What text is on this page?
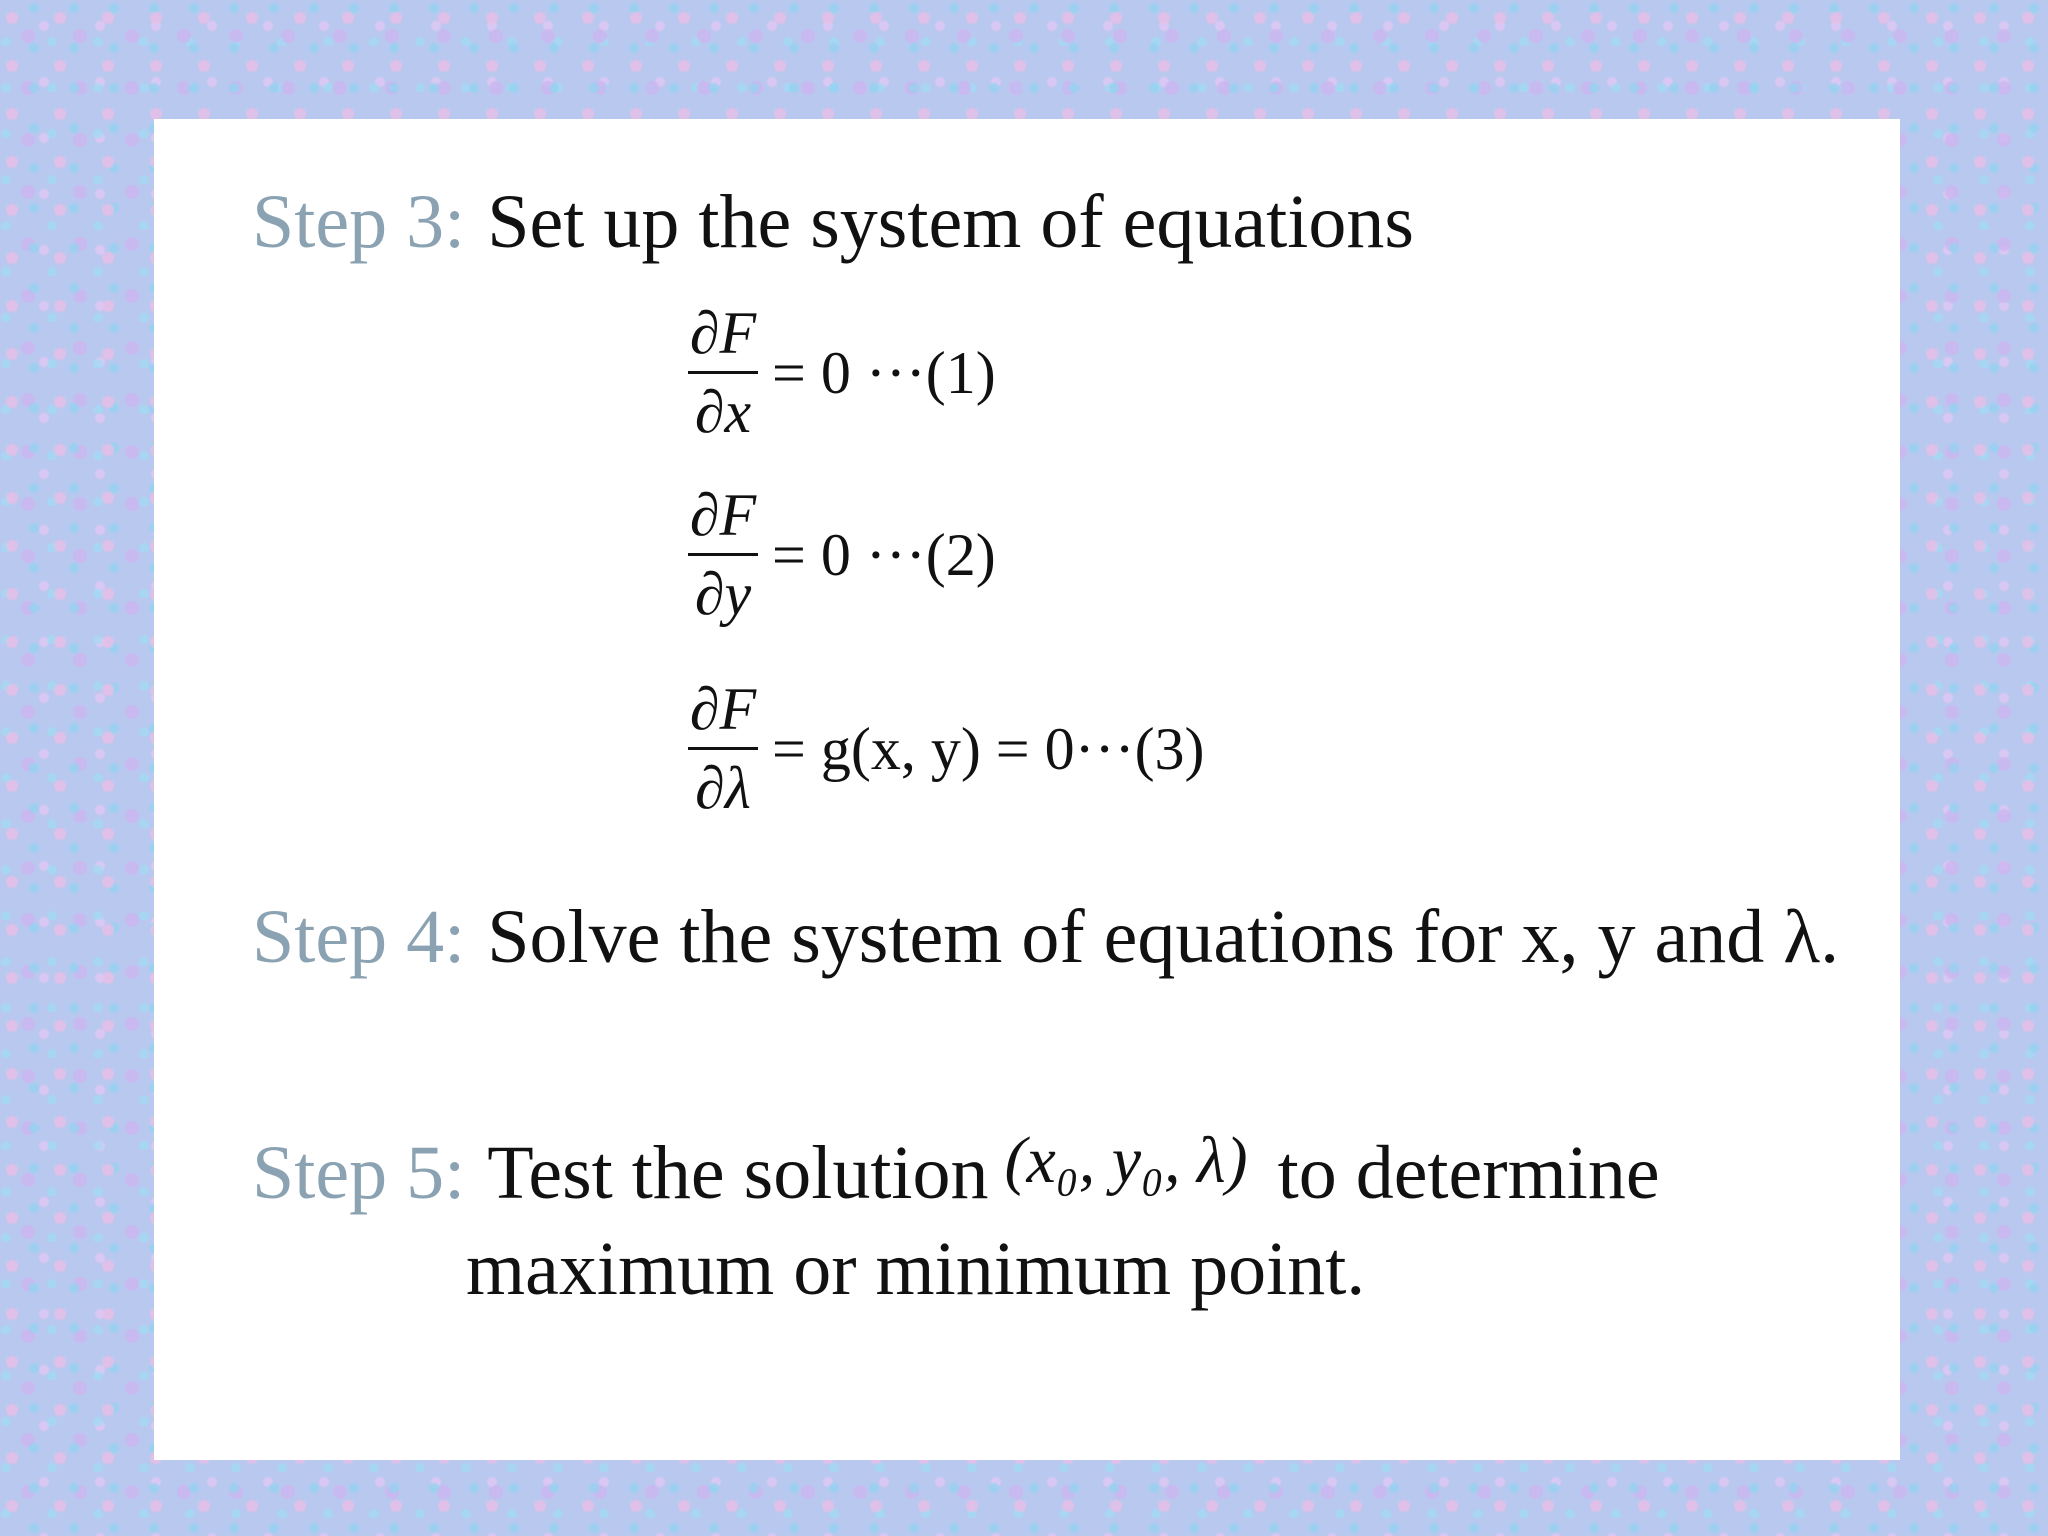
Step 3: Set up the system of equations
∂F
∂x
= 0 ···(1)
∂F
∂y
= 0 ···(2)
∂F
∂λ
= g(x, y) = 0···(3)
Step 4: Solve the system of equations for x, y and λ.
Step 5: Test the solution (x₀, y₀, λ) to determine
maximum or minimum point.
